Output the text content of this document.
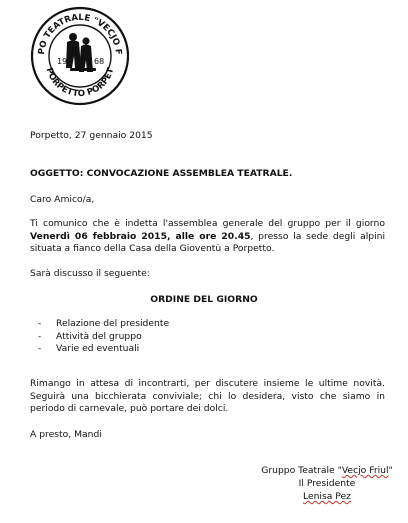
PO TEATRALE "VECJO F
PORPETTO PORPET
19	68
Porpetto, 27 gennaio 2015
OGGETTO: CONVOCAZIONE ASSEMBLEA TEATRALE.
Caro Amico/a,
Ti comunico che è indetta l'assemblea generale del gruppo per il giorno Venerdì 06 febbraio 2015, alle ore 20.45, presso la sede degli alpini situata a fianco della Casa della Gioventù a Porpetto.
Sarà discusso il seguente:
ORDINE DEL GIORNO
- Relazione del presidente
- Attività del gruppo
- Varie ed eventuali
Rimango in attesa di incontrarti, per discutere insieme le ultime novità. Seguirà una bicchierata conviviale; chi lo desidera, visto che siamo in periodo di carnevale, può portare dei dolci.
A presto, Mandi
Gruppo Teatrale "Vecjo Friul"
Il Presidente
Lenisa Pez
